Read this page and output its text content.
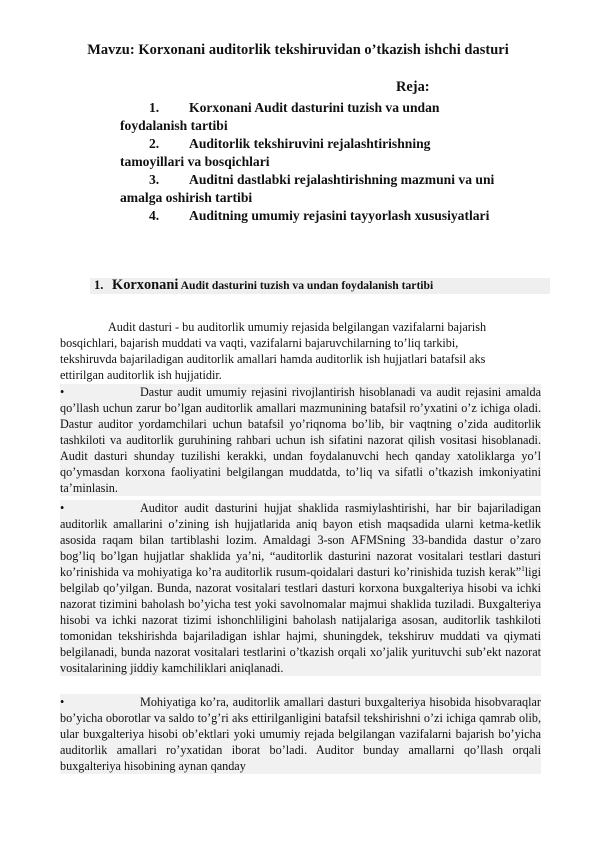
Mavzu: Korxonani auditorlik tekshiruvidan o’tkazish ishchi dasturi
Reja:
1. Korxonani Audit dasturini tuzish va undan
foydalanish tartibi
2. Auditorlik tekshiruvini rejalashtirishning
tamoyillari va bosqichlari
3. Auditni dastlabki rejalashtirishning mazmuni va uni
amalga oshirish tartibi
4. Auditning umumiy rejasini tayyorlash xususiyatlari
1. Korxonani Audit dasturini tuzish va undan foydalanish tartibi
Audit dasturi - bu auditorlik umumiy rejasida belgilangan vazifalarni bajarish
bosqichlari, bajarish muddati va vaqti, vazifalarni bajaruvchilarning to’liq tarkibi,
tekshiruvda bajariladigan auditorlik amallari hamda auditorlik ish hujjatlari batafsil aks
ettirilgan auditorlik ish hujjatidir.
•	Dastur audit umumiy rejasini rivojlantirish hisoblanadi va audit rejasini amalda qo’llash uchun zarur bo’lgan auditorlik amallari mazmunining batafsil ro’yxatini o’z ichiga oladi. Dastur auditor yordamchilari uchun batafsil yo’riqnoma bo’lib, bir vaqtning o’zida auditorlik tashkiloti va auditorlik guruhining rahbari uchun ish sifatini nazorat qilish vositasi hisoblanadi. Audit dasturi shunday tuzilishi kerakki, undan foydalanuvchi hech qanday xatoliklarga yo’l qo’ymasdan korxona faoliyatini belgilangan muddatda, to’liq va sifatli o’tkazish imkoniyatini ta’minlasin.
•	Auditor audit dasturini hujjat shaklida rasmiylashtirishi, har bir bajariladigan auditorlik amallarini o’zining ish hujjatlarida aniq bayon etish maqsadida ularni ketma-ketlik asosida raqam bilan tartiblashi lozim. Amaldagi 3-son AFMSning 33-bandida dastur o’zaro bog’liq bo’lgan hujjatlar shaklida ya’ni, “auditorlik dasturini nazorat vositalari testlari dasturi ko’rinishida va mohiyatiga ko’ra auditorlik rusum-qoidalari dasturi ko’rinishida tuzish kerak”$^1$ligi belgilab qo’yilgan. Bunda, nazorat vositalari testlari dasturi korxona buxgalteriya hisobi va ichki nazorat tizimini baholash bo’yicha test yoki savolnomalar majmui shaklida tuziladi. Buxgalteriya hisobi va ichki nazorat tizimi ishonchliligini baholash natijalariga asosan, auditorlik tashkiloti tomonidan tekshirishda bajariladigan ishlar hajmi, shuningdek, tekshiruv muddati va qiymati belgilanadi, bunda nazorat vositalari testlarini o’tkazish orqali xo’jalik yurituvchi sub’ekt nazorat vositalarining jiddiy kamchiliklari aniqlanadi.
•	Mohiyatiga ko’ra, auditorlik amallari dasturi buxgalteriya hisobida hisobvaraqlar bo’yicha oborotlar va saldo to’g’ri aks ettirilganligini batafsil tekshirishni o’zi ichiga qamrab olib, ular buxgalteriya hisobi ob’ektlari yoki umumiy rejada belgilangan vazifalarni bajarish bo’yicha auditorlik amallari ro’yxatidan iborat bo’ladi. Auditor bunday amallarni qo’llash orqali buxgalteriya hisobining aynan qanday
